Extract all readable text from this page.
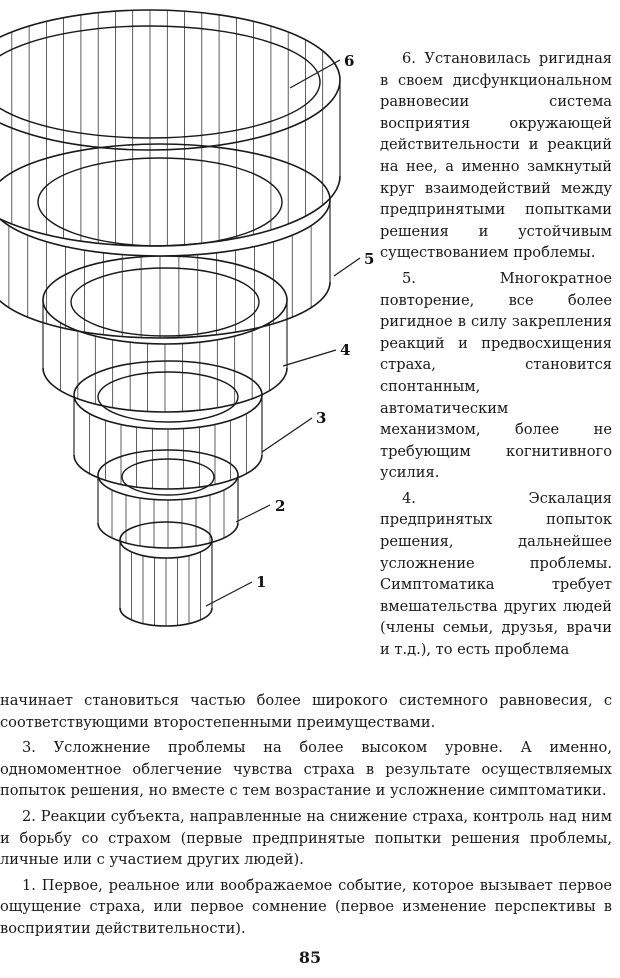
6
5
4
3
2
1

6. Установилась ригидная в своем дисфункциональном равновесии система восприятия окружающей действительности и реакций на нее, а именно замкнутый круг взаимодействий между предпринятыми попытками решения и устойчивым существованием проблемы.

5. Многократное повторение, все более ригидное в силу закрепления реакций и предвосхищения страха, становится спонтанным, автоматическим механизмом, более не требующим когнитивного усилия.

4. Эскалация предпринятых попыток решения, дальнейшее усложнение проблемы. Симптоматика требует вмешательства других людей (члены семьи, друзья, врачи и т.д.), то есть проблема

начинает становиться частью более широкого системного равновесия, с соответствующими второстепенными преимуществами.

3. Усложнение проблемы на более высоком уровне. А именно, одномоментное облегчение чувства страха в результате осуществляемых попыток решения, но вместе с тем возрастание и усложнение симптоматики.

2. Реакции субъекта, направленные на снижение страха, контроль над ним и борьбу со страхом (первые предпринятые попытки решения проблемы, личные или с участием других людей).

1. Первое, реальное или воображаемое событие, которое вызывает первое ощущение страха, или первое сомнение (первое изменение перспективы в восприятии действительности).

85
